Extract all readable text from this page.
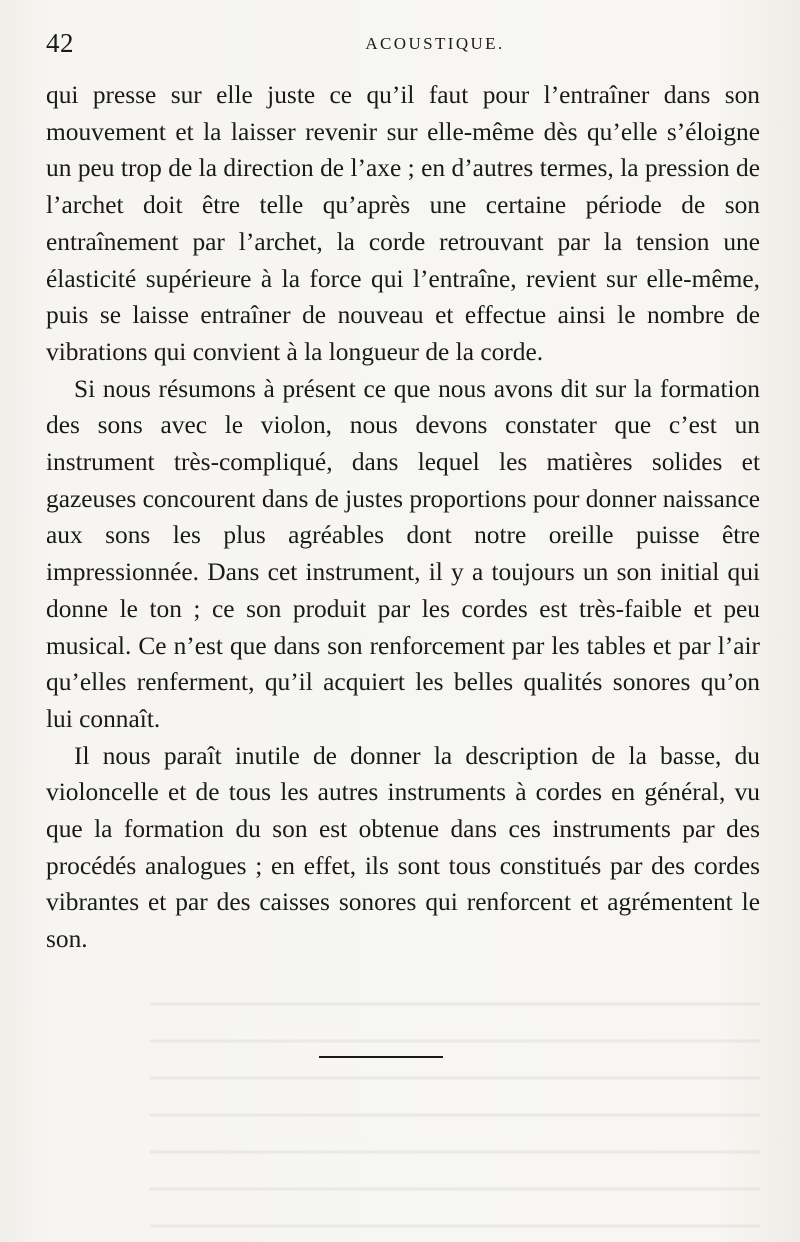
42	ACOUSTIQUE.

qui presse sur elle juste ce qu’il faut pour l’entraîner dans son mouvement et la laisser revenir sur elle-même dès qu’elle s’éloigne un peu trop de la direction de l’axe ; en d’autres termes, la pression de l’archet doit être telle qu’après une certaine période de son entraînement par l’archet, la corde retrouvant par la tension une élasticité supérieure à la force qui l’entraîne, revient sur elle-même, puis se laisse entraîner de nouveau et effectue ainsi le nombre de vibrations qui convient à la longueur de la corde.

Si nous résumons à présent ce que nous avons dit sur la formation des sons avec le violon, nous devons constater que c’est un instrument très-compliqué, dans lequel les matières solides et gazeuses concourent dans de justes proportions pour donner naissance aux sons les plus agréables dont notre oreille puisse être impressionnée. Dans cet instrument, il y a toujours un son initial qui donne le ton ; ce son produit par les cordes est très-faible et peu musical. Ce n’est que dans son renforcement par les tables et par l’air qu’elles renferment, qu’il acquiert les belles qualités sonores qu’on lui connaît.

Il nous paraît inutile de donner la description de la basse, du violoncelle et de tous les autres instruments à cordes en général, vu que la formation du son est obtenue dans ces instruments par des procédés analogues ; en effet, ils sont tous constitués par des cordes vibrantes et par des caisses sonores qui renforcent et agrémentent le son.
